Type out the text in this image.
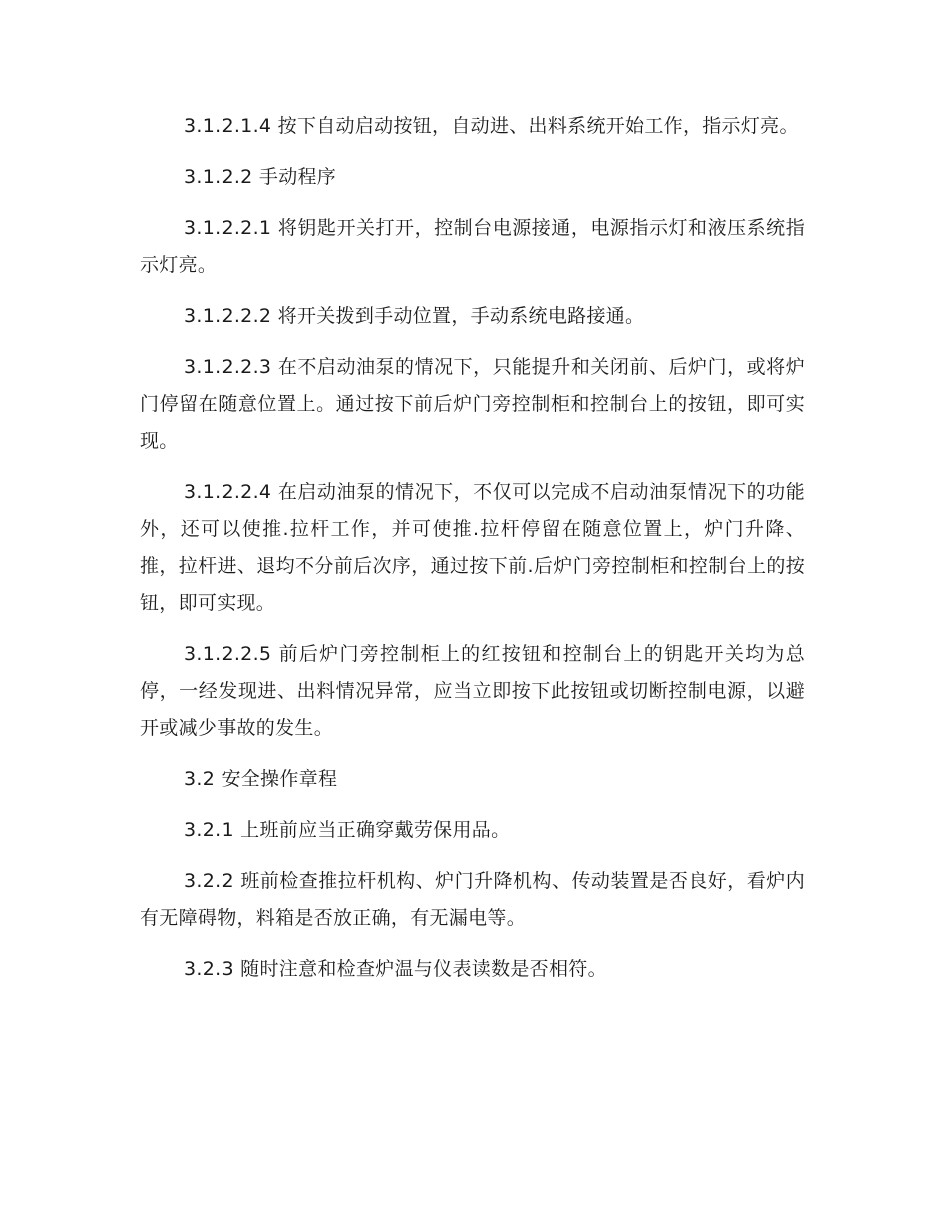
3.1.2.1.4 按下自动启动按钮，自动进、出料系统开始工作，指示灯亮。

3.1.2.2 手动程序

3.1.2.2.1 将钥匙开关打开，控制台电源接通，电源指示灯和液压系统指示灯亮。

3.1.2.2.2 将开关拨到手动位置，手动系统电路接通。

3.1.2.2.3 在不启动油泵的情况下，只能提升和关闭前、后炉门，或将炉门停留在随意位置上。通过按下前后炉门旁控制柜和控制台上的按钮，即可实现。

3.1.2.2.4 在启动油泵的情况下，不仅可以完成不启动油泵情况下的功能外，还可以使推.拉杆工作，并可使推.拉杆停留在随意位置上，炉门升降、推，拉杆进、退均不分前后次序，通过按下前.后炉门旁控制柜和控制台上的按钮，即可实现。

3.1.2.2.5 前后炉门旁控制柜上的红按钮和控制台上的钥匙开关均为总停，一经发现进、出料情况异常，应当立即按下此按钮或切断控制电源，以避开或减少事故的发生。

3.2 安全操作章程

3.2.1 上班前应当正确穿戴劳保用品。

3.2.2 班前检查推拉杆机构、炉门升降机构、传动装置是否良好，看炉内有无障碍物，料箱是否放正确，有无漏电等。

3.2.3 随时注意和检查炉温与仪表读数是否相符。
